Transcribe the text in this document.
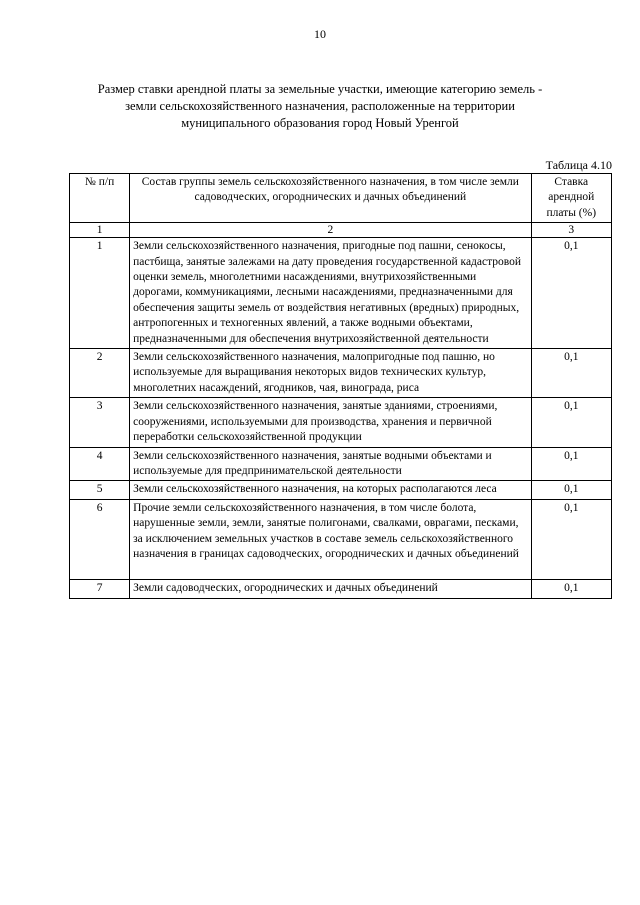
10
Размер ставки арендной платы за земельные участки, имеющие категорию земель - земли сельскохозяйственного назначения, расположенные на территории муниципального образования город Новый Уренгой
Таблица 4.10
№ п/п	Состав группы земель сельскохозяйственного назначения, в том числе земли садоводческих, огороднических и дачных объединений	Ставка арендной платы (%)
1	2	3
1	Земли сельскохозяйственного назначения, пригодные под пашни, сенокосы, пастбища, занятые залежами на дату проведения государственной кадастровой оценки земель, многолетними насаждениями, внутрихозяйственными дорогами, коммуникациями, лесными насаждениями, предназначенными для обеспечения защиты земель от воздействия негативных (вредных) природных, антропогенных и техногенных явлений, а также водными объектами, предназначенными для обеспечения внутрихозяйственной деятельности	0,1
2	Земли сельскохозяйственного назначения, малопригодные под пашню, но используемые для выращивания некоторых видов технических культур, многолетних насаждений, ягодников, чая, винограда, риса	0,1
3	Земли сельскохозяйственного назначения, занятые зданиями, строениями, сооружениями, используемыми для производства, хранения и первичной переработки сельскохозяйственной продукции	0,1
4	Земли сельскохозяйственного назначения, занятые водными объектами и используемые для предпринимательской деятельности	0,1
5	Земли сельскохозяйственного назначения, на которых располагаются леса	0,1
6	Прочие земли сельскохозяйственного назначения, в том числе болота, нарушенные земли, земли, занятые полигонами, свалками, оврагами, песками, за исключением земельных участков в составе земель сельскохозяйственного назначения в границах садоводческих, огороднических и дачных объединений	0,1
7	Земли садоводческих, огороднических и дачных объединений	0,1
